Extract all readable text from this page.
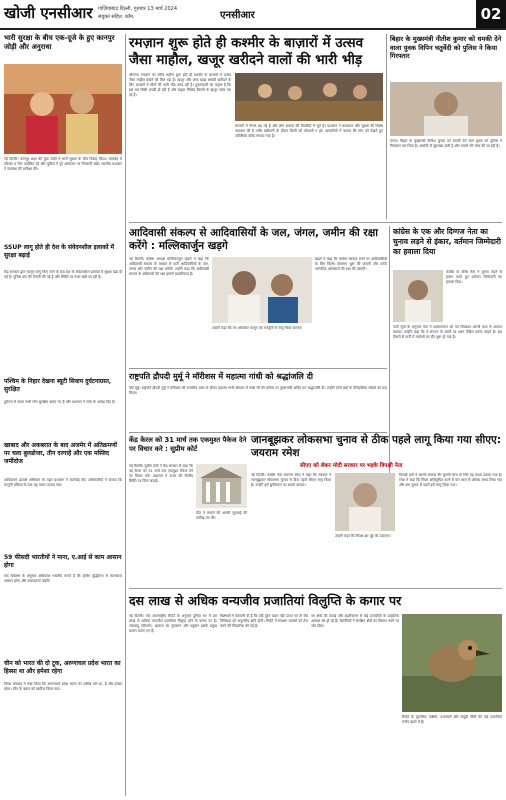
खोजी एनसीआर गाज़ियाबाद दिल्ली, गुरुवार 13 मार्च 2024
संयुक्त सहित: कॉम.	एनसीआर	02
भारी सुरक्षा के बीच एक-दूजे के हुए कानपुर जोड़ी और अनुराधा
नई दिल्ली। कानपुर शहर की युवा जोड़ी ने भारी सुरक्षा के बीच विवाह किया। समारोह में परिवार व मित्र उपस्थित रहे और पुलिस ने पूरे आयोजन पर निगरानी रखी। स्थानीय प्रशासन ने व्यवस्था की समीक्षा की।
SSUP लागू होते ही देश के संवेदनशील इलाकों में सुरक्षा बढ़ाई
केंद्र सरकार द्वारा कानून लागू किए जाने के बाद देश के संवेदनशील इलाकों में सुरक्षा बढ़ा दी गई है। पुलिस बल की तैनाती की गई है और स्थिति पर नजर रखी जा रही है।
पश्चिम के निहार देखना ब्यूटी सिवाय दुर्घटनाग्रस्त, सुरक्षित
दुर्घटना में सवार सभी लोग सुरक्षित बताए गए हैं और प्रशासन ने जांच के आदेश दिए हैं।
खाबाद और अकबरात के बाद अजमेर में अतिक्रमणों पर चला बुलडोजर, तीन दरगाहें और एक मस्जिद जमींदोज
अतिक्रमण हटाओ अभियान के तहत प्रशासन ने कार्रवाई की। अधिकारियों ने बताया कि कानूनी प्रक्रिया के बाद यह कदम उठाया गया।
59 फीसदी भारतीयों ने माना, ए.आई से काम आसान होगा
एक सर्वेक्षण के अनुसार अधिकांश भारतीय मानते हैं कि कृत्रिम बुद्धिमत्ता से कामकाज आसान होगा और उत्पादकता बढ़ेगी।
चीन को भारत की दो टूक, अरुणाचल प्रदेश भारत का हिस्सा था और हमेशा रहेगा
विदेश मंत्रालय ने स्पष्ट किया कि अरुणाचल प्रदेश भारत का अभिन्न अंग था, है और हमेशा रहेगा। चीन के बयान को खारिज किया गया।
रमज़ान शुरू होते ही कश्मीर के बाज़ारों में उत्सव जैसा माहौल, खजूर खरीदने वालों की भारी भीड़
श्रीनगर। रमज़ान का पवित्र महीना शुरू होते ही कश्मीर के बाज़ारों में उत्सव जैसा माहौल देखने को मिल रहा है। खजूर और अन्य खाद्य सामग्री खरीदने के लिए बाजारों में लोगों की भारी भीड़ उमड़ रही है। दुकानदारों का कहना है कि इस बार बिक्री अच्छी हो रही है और ग्राहक विभिन्न किस्मों के खजूर पसंद कर रहे हैं।
बाजारों में रौनक बढ़ गई है और लोग इफ्तार की तैयारियों में जुटे हैं। प्रशासन ने यातायात और सुरक्षा की विशेष व्यवस्था की है ताकि खरीदारी के दौरान किसी को परेशानी न हो। व्यापारियों ने बताया कि मांग को देखते हुए अतिरिक्त स्टॉक मंगाया गया है।
बिहार के मुख्यमंत्री नीतीश कुमार को धमकी देने वाला युवक विपिन चतुर्वेदी को पुलिस ने किया गिरफ्तार
पटना। बिहार के मुख्यमंत्री नीतीश कुमार को धमकी देने वाले युवक को पुलिस ने गिरफ्तार कर लिया है। आरोपी से पूछताछ जारी है और मामले की जांच की जा रही है।
आदिवासी संकल्प से आदिवासियों के जल, जंगल, जमीन की रक्षा करेंगे : मल्लिकार्जुन खड़गे
नई दिल्ली। कांग्रेस अध्यक्ष मल्लिकार्जुन खड़गे ने कहा कि आदिवासी संकल्प के माध्यम से पार्टी आदिवासियों के जल, जंगल और जमीन की रक्षा करेगी। उन्होंने कहा कि आदिवासी समाज के अधिकारों की रक्षा हमारी प्राथमिकता है।
उन्होंने कहा कि वन अधिकार कानून को मजबूती से लागू किया जाएगा।
खड़गे ने कहा कि कांग्रेस सरकार बनने पर आदिवासियों के लिए विशेष योजनाएं शुरू की जाएंगी और उनके पारंपरिक अधिकारों की रक्षा की जाएगी।
कांग्रेस के एक और दिग्गज नेता का चुनाव लड़ने से इंकार, वर्तमान जिम्मेदारी का हवाला दिया
कांग्रेस के वरिष्ठ नेता ने चुनाव लड़ने से इंकार करते हुए वर्तमान जिम्मेदारी का हवाला दिया।
पार्टी सूत्रों के अनुसार नेता ने आलाकमान को पत्र लिखकर अपनी मंशा से अवगत कराया। उन्होंने कहा कि वे संगठन के कार्यों पर ध्यान केंद्रित करना चाहते हैं। इस फैसले से पार्टी में चर्चाओं का दौर शुरू हो गया है।
राष्ट्रपति द्रौपदी मुर्मू ने मॉरीशस में महात्मा गांधी को श्रद्धांजलि दी
पोर्ट लुई। राष्ट्रपति द्रौपदी मुर्मू ने मॉरीशस की राजकीय यात्रा के दौरान महात्मा गांधी संस्थान में गांधी जी की प्रतिमा पर पुष्पांजलि अर्पित कर श्रद्धांजलि दी। उन्होंने दोनों देशों के ऐतिहासिक संबंधों को याद किया।
केंद्र केरल को 31 मार्च तक एकमुश्त पैकेज देने पर विचार करे : सुप्रीम कोर्ट
नई दिल्ली। सुप्रीम कोर्ट ने केंद्र सरकार से कहा कि वह केरल को 31 मार्च तक एकमुश्त पैकेज देने पर विचार करे। अदालत ने राज्य की वित्तीय स्थिति पर चिंता जताई।
पीठ ने मामले की अगली सुनवाई की तारीख तय की।
जानबूझकर लोकसभा चुनाव से ठीक पहले लागू किया गया सीएए: जयराम रमेश
सीएए को लेकर मोदी सरकार पर भड़के विपक्षी नेता
नई दिल्ली। कांग्रेस नेता जयराम रमेश ने कहा कि सरकार ने जानबूझकर लोकसभा चुनाव से ठीक पहले सीएए लागू किया है। उन्होंने इसे ध्रुवीकरण का प्रयास बताया।
उन्होंने कहा कि विपक्ष इस मुद्दे को उठाएगा।
विपक्षी दलों ने आरोप लगाया कि चुनावी लाभ के लिए यह कदम उठाया गया है। रमेश ने कहा कि नियम अधिसूचित करने में चार साल से अधिक समय लिया गया और अब चुनाव से पहले इसे लागू किया गया।
दस लाख से अधिक वन्यजीव प्रजातियां विलुप्ति के कगार पर
नई दिल्ली। एक अंतरराष्ट्रीय रिपोर्ट के अनुसार दुनिया भर में दस लाख से अधिक वन्यजीव प्रजातियां विलुप्त होने के कगार पर हैं। जलवायु परिवर्तन, आवास का नुकसान और प्रदूषण इसके प्रमुख कारण बताए गए हैं।
विशेषज्ञों ने चेतावनी दी है कि यदि तुरंत कदम नहीं उठाए गए तो जैव विविधता को अपूरणीय क्षति होगी। रिपोर्ट में संरक्षण प्रयासों को तेज करने की सिफारिश की गई है।
वन क्षेत्रों की कटाई और शहरीकरण से कई प्रजातियों के प्राकृतिक आवास नष्ट हो रहे हैं। वैज्ञानिकों ने संरक्षित क्षेत्रों का विस्तार करने पर जोर दिया।
रिपोर्ट के मुताबिक पक्षियों, उभयचरों और समुद्री जीवों की कई प्रजातियां गंभीर खतरे में हैं।
